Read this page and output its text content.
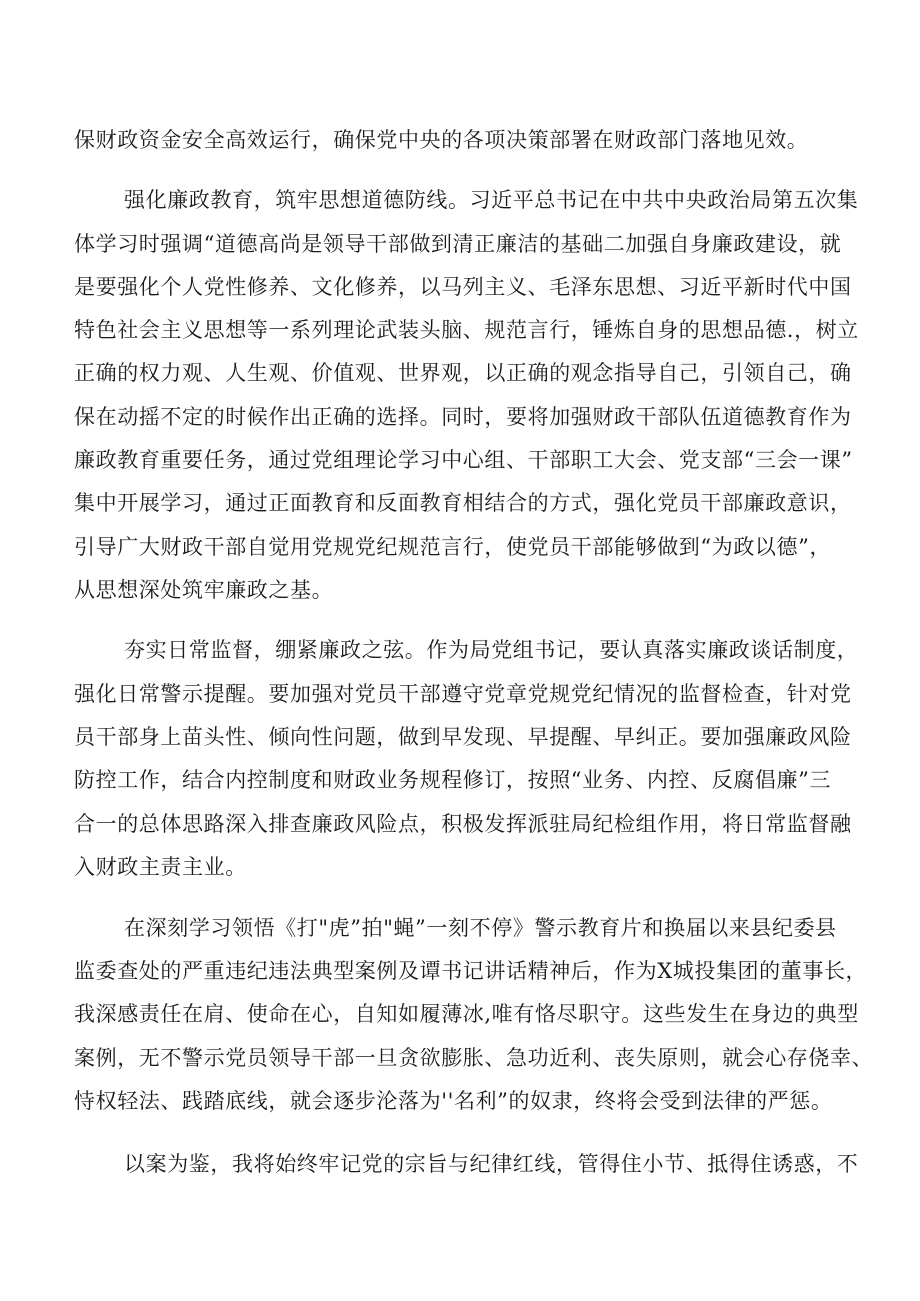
保财政资金安全高效运行，确保党中央的各项决策部署在财政部门落地见效。

强化廉政教育，筑牢思想道德防线。习近平总书记在中共中央政治局第五次集

体学习时强调“道德高尚是领导干部做到清正廉洁的基础二加强自身廉政建设，就

是要强化个人党性修养、文化修养，以马列主义、毛泽东思想、习近平新时代中国

特色社会主义思想等一系列理论武装头脑、规范言行，锤炼自身的思想品德.，树立

正确的权力观、人生观、价值观、世界观，以正确的观念指导自己，引领自己，确

保在动摇不定的时候作出正确的选择。同时，要将加强财政干部队伍道德教育作为

廉政教育重要任务，通过党组理论学习中心组、干部职工大会、党支部“三会一课”

集中开展学习，通过正面教育和反面教育相结合的方式，强化党员干部廉政意识，

引导广大财政干部自觉用党规党纪规范言行，使党员干部能够做到“为政以德”，

从思想深处筑牢廉政之基。

夯实日常监督，绷紧廉政之弦。作为局党组书记，要认真落实廉政谈话制度，

强化日常警示提醒。要加强对党员干部遵守党章党规党纪情况的监督检查，针对党

员干部身上苗头性、倾向性问题，做到早发现、早提醒、早纠正。要加强廉政风险

防控工作，结合内控制度和财政业务规程修订，按照“业务、内控、反腐倡廉”三

合一的总体思路深入排查廉政风险点，积极发挥派驻局纪检组作用，将日常监督融

入财政主责主业。

在深刻学习领悟《打"虎”拍"蝇”一刻不停》警示教育片和换届以来县纪委县

监委查处的严重违纪违法典型案例及谭书记讲话精神后，作为X城投集团的董事长，

我深感责任在肩、使命在心，自知如履薄冰,唯有恪尽职守。这些发生在身边的典型

案例，无不警示党员领导干部一旦贪欲膨胀、急功近利、丧失原则，就会心存侥幸、

恃权轻法、践踏底线，就会逐步沦落为''名利”的奴隶，终将会受到法律的严惩。

以案为鉴，我将始终牢记党的宗旨与纪律红线，管得住小节、抵得住诱惑，不
